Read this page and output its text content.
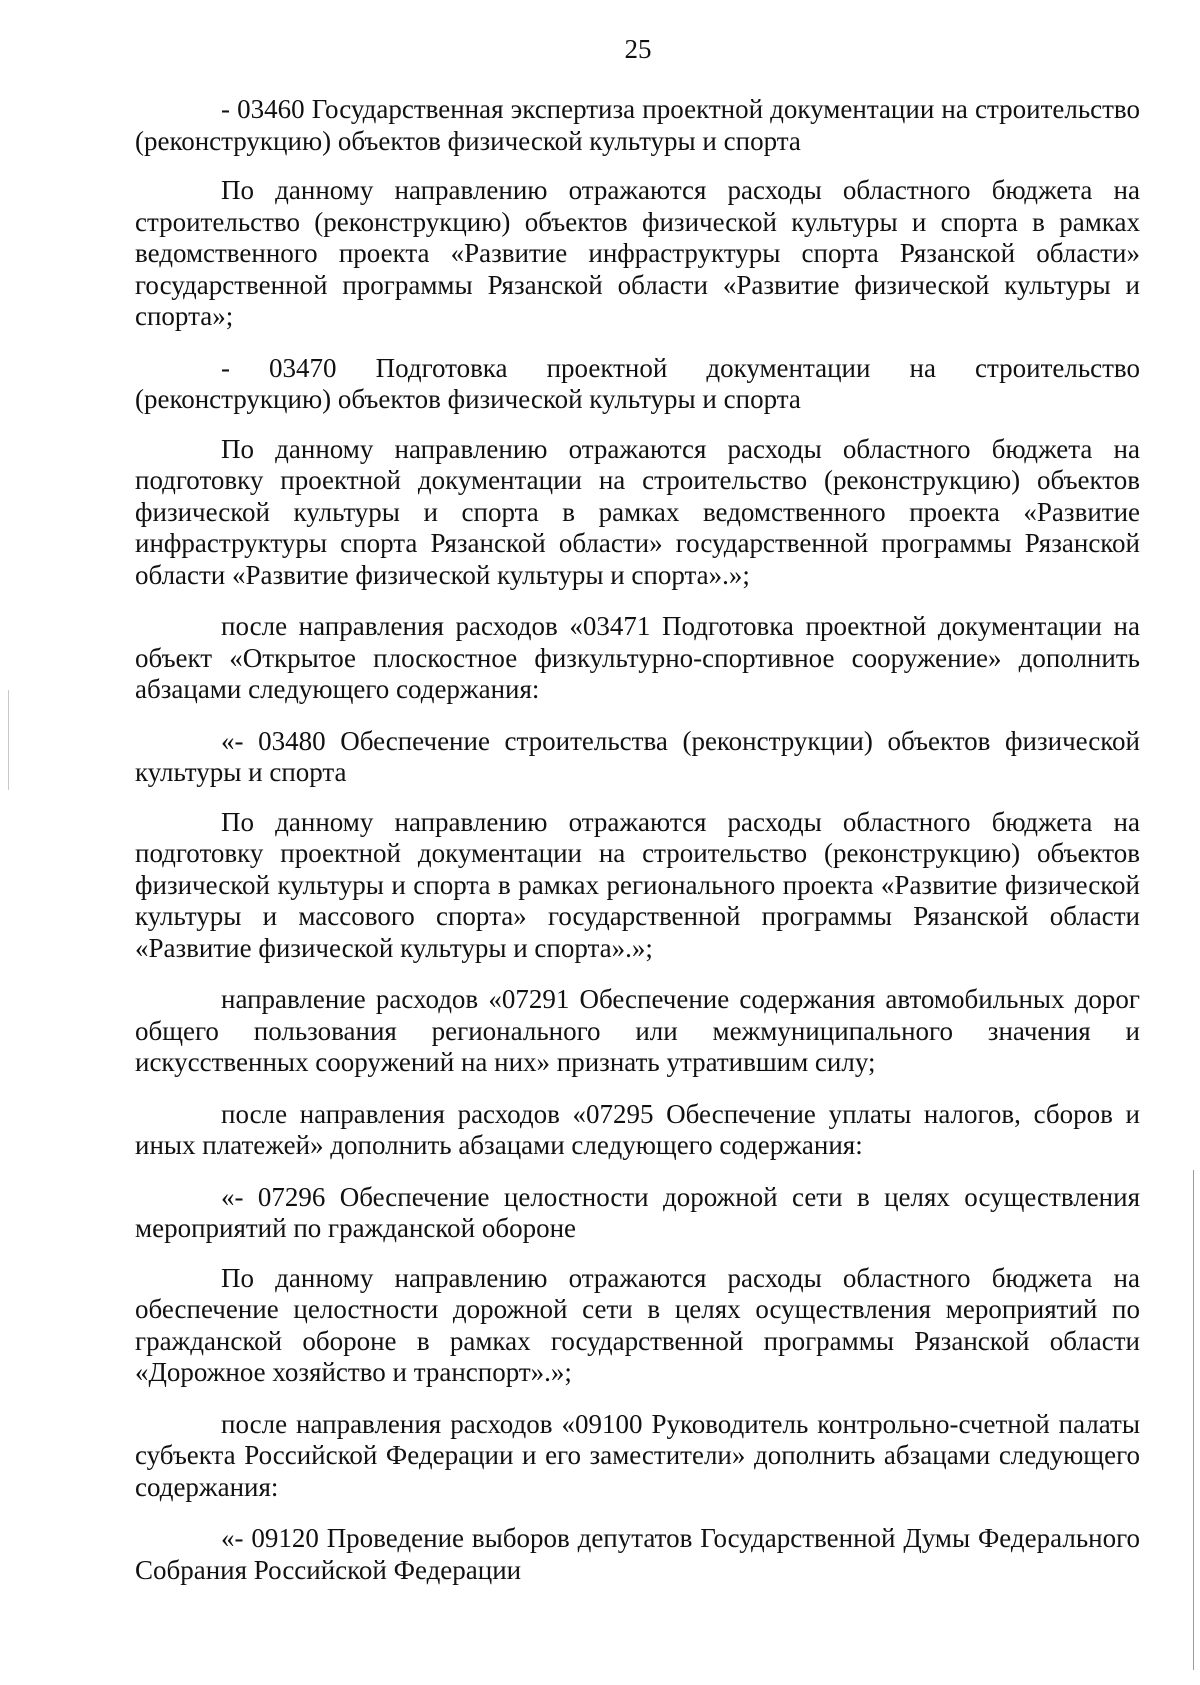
25

- 03460 Государственная экспертиза проектной документации на строительство (реконструкцию) объектов физической культуры и спорта

По данному направлению отражаются расходы областного бюджета на строительство (реконструкцию) объектов физической культуры и спорта в рамках ведомственного проекта «Развитие инфраструктуры спорта Рязанской области» государственной программы Рязанской области «Развитие физической культуры и спорта»;

- 03470 Подготовка проектной документации на строительство (реконструкцию) объектов физической культуры и спорта

По данному направлению отражаются расходы областного бюджета на подготовку проектной документации на строительство (реконструкцию) объектов физической культуры и спорта в рамках ведомственного проекта «Развитие инфраструктуры спорта Рязанской области» государственной программы Рязанской области «Развитие физической культуры и спорта».»;

после направления расходов «03471 Подготовка проектной документации на объект «Открытое плоскостное физкультурно-спортивное сооружение» дополнить абзацами следующего содержания:

«- 03480 Обеспечение строительства (реконструкции) объектов физической культуры и спорта

По данному направлению отражаются расходы областного бюджета на подготовку проектной документации на строительство (реконструкцию) объектов физической культуры и спорта в рамках регионального проекта «Развитие физической культуры и массового спорта» государственной программы Рязанской области «Развитие физической культуры и спорта».»;

направление расходов «07291 Обеспечение содержания автомобильных дорог общего пользования регионального или межмуниципального значения и искусственных сооружений на них» признать утратившим силу;

после направления расходов «07295 Обеспечение уплаты налогов, сборов и иных платежей» дополнить абзацами следующего содержания:

«- 07296 Обеспечение целостности дорожной сети в целях осуществления мероприятий по гражданской обороне

По данному направлению отражаются расходы областного бюджета на обеспечение целостности дорожной сети в целях осуществления мероприятий по гражданской обороне в рамках государственной программы Рязанской области «Дорожное хозяйство и транспорт».»;

после направления расходов «09100 Руководитель контрольно-счетной палаты субъекта Российской Федерации и его заместители» дополнить абзацами следующего содержания:

«- 09120 Проведение выборов депутатов Государственной Думы Федерального Собрания Российской Федерации
